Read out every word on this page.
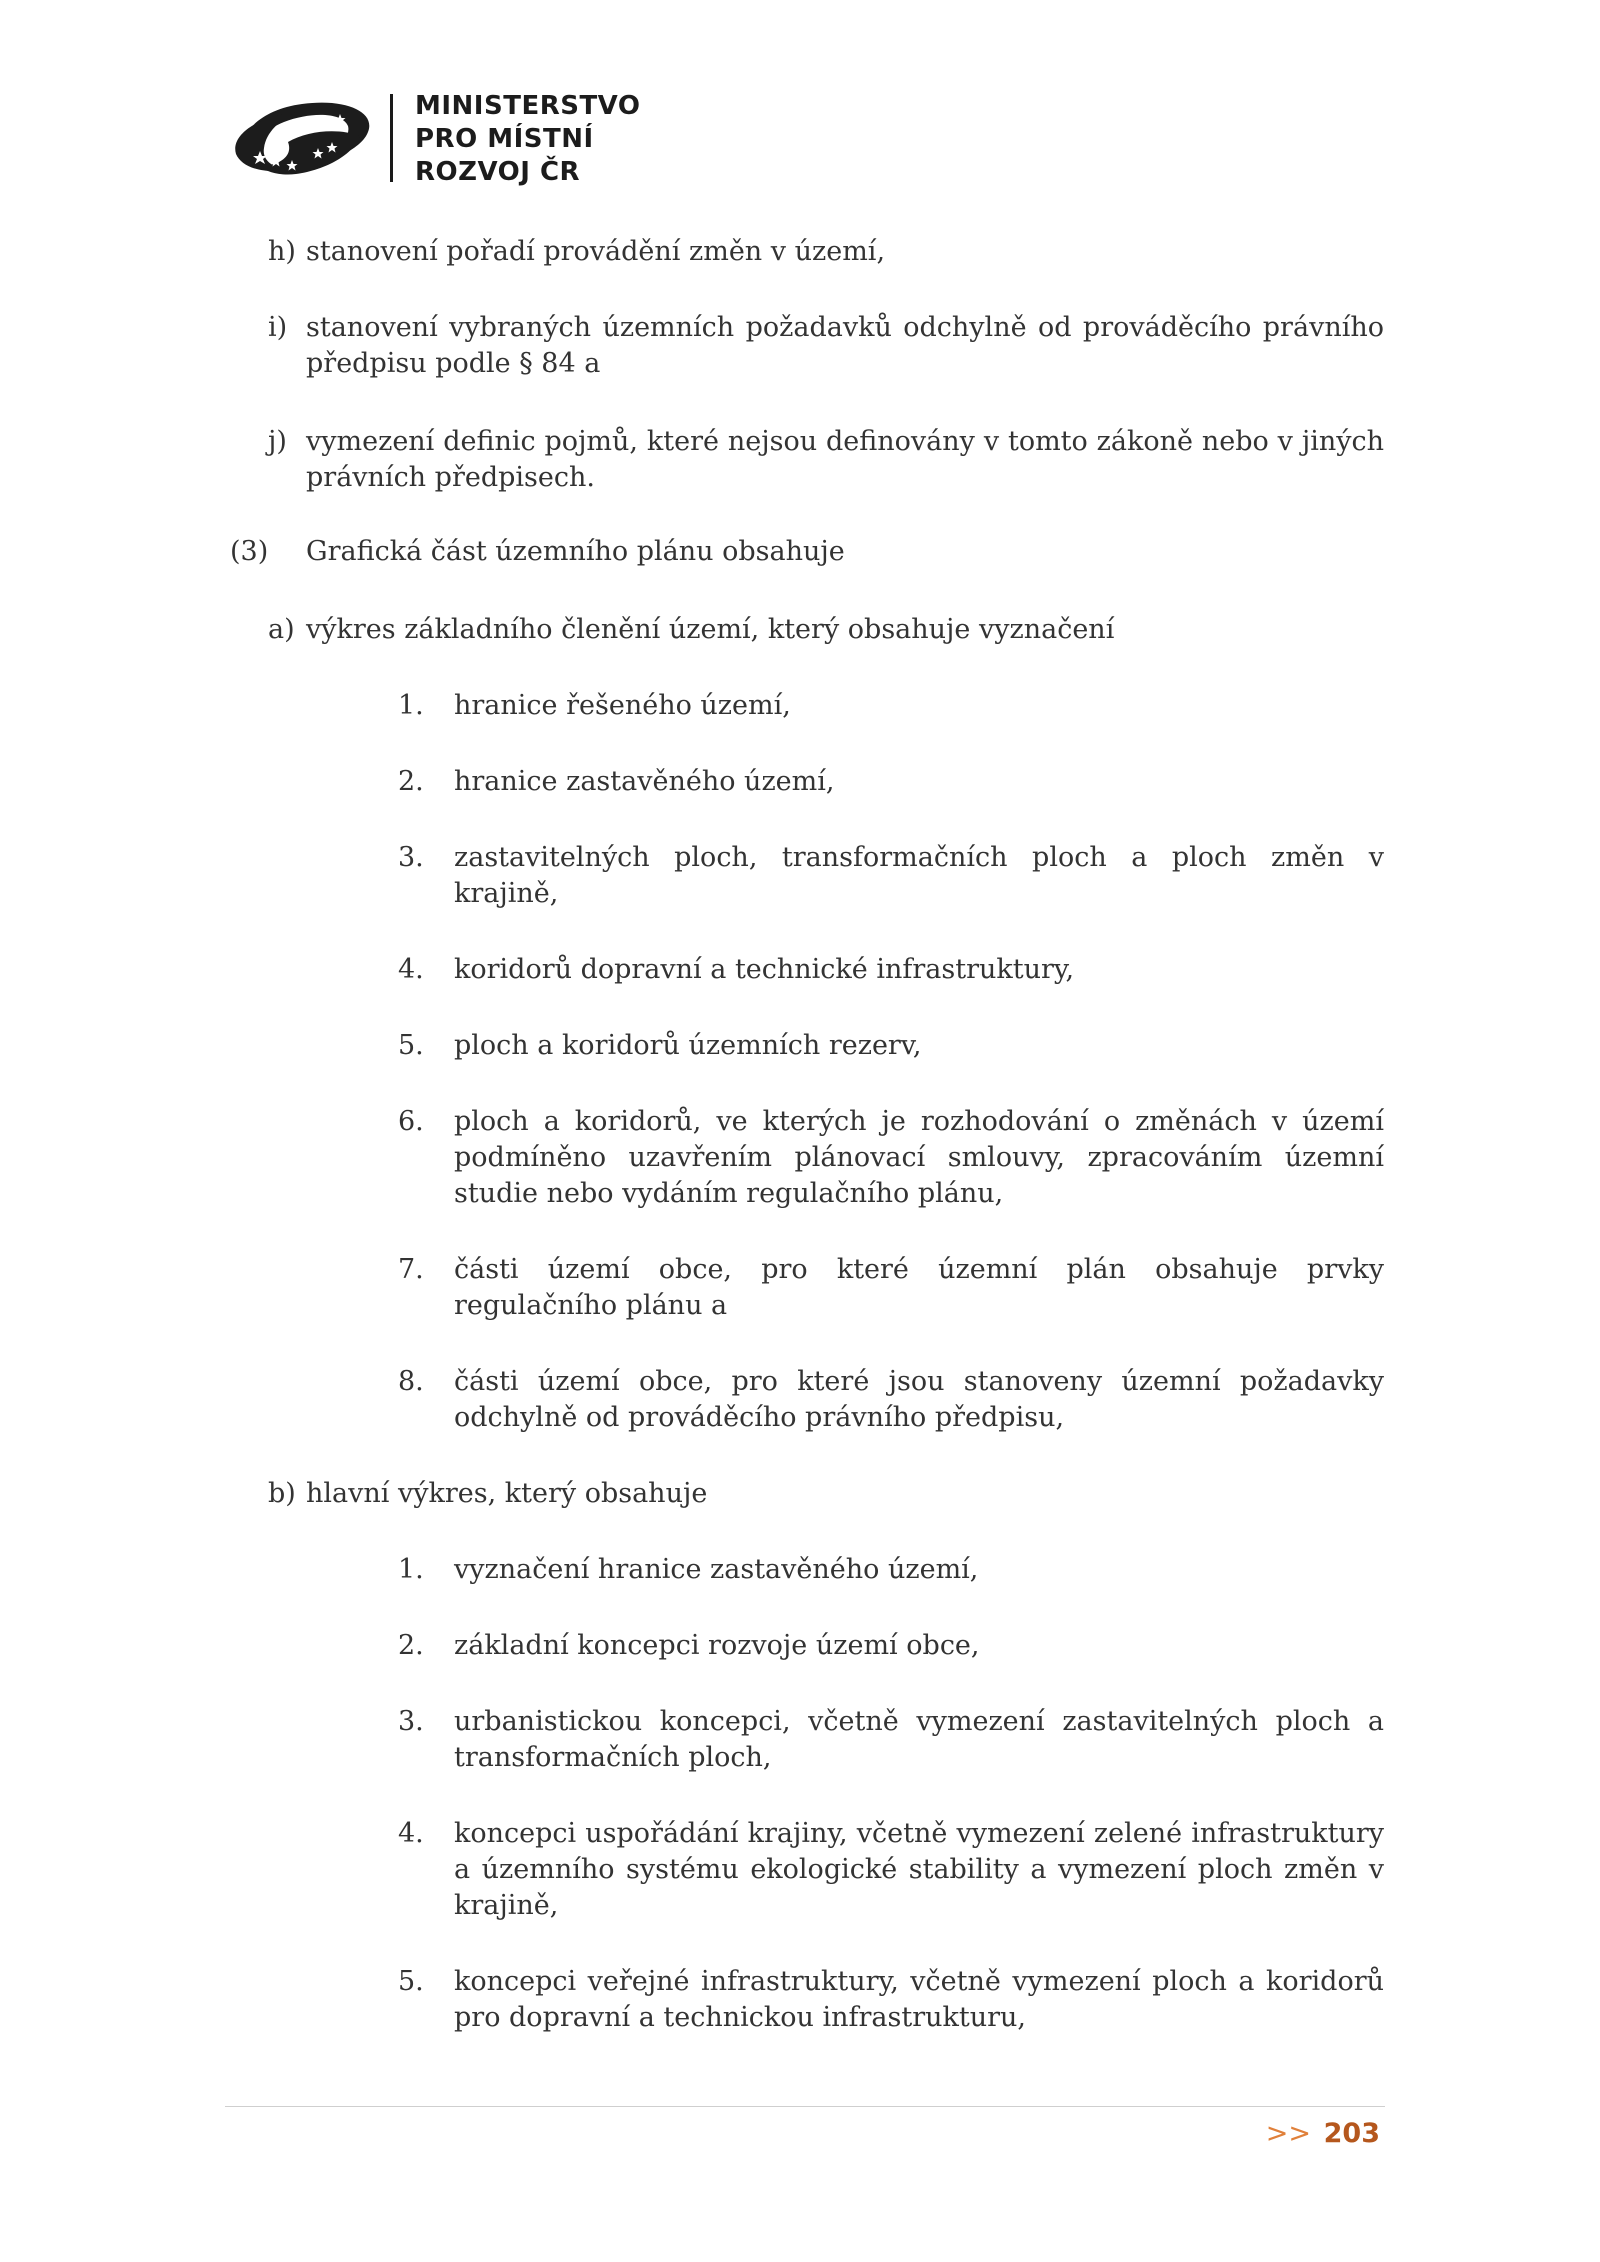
MINISTERSTVO
PRO MÍSTNÍ
ROZVOJ ČR
h) stanovení pořadí provádění změn v území,
i) stanovení vybraných územních požadavků odchylně od prováděcího právního předpisu podle § 84 a
j) vymezení definic pojmů, které nejsou definovány v tomto zákoně nebo v jiných právních předpisech.
(3)	Grafická část územního plánu obsahuje
a) výkres základního členění území, který obsahuje vyznačení
1.	hranice řešeného území,
2.	hranice zastavěného území,
3.	zastavitelných ploch, transformačních ploch a ploch změn v krajině,
4.	koridorů dopravní a technické infrastruktury,
5.	ploch a koridorů územních rezerv,
6.	ploch a koridorů, ve kterých je rozhodování o změnách v území podmíněno uzavřením plánovací smlouvy, zpracováním územní studie nebo vydáním regulačního plánu,
7.	části území obce, pro které územní plán obsahuje prvky regulačního plánu a
8.	části území obce, pro které jsou stanoveny územní požadavky odchylně od prováděcího právního předpisu,
b) hlavní výkres, který obsahuje
1.	vyznačení hranice zastavěného území,
2.	základní koncepci rozvoje území obce,
3.	urbanistickou koncepci, včetně vymezení zastavitelných ploch a transformačních ploch,
4.	koncepci uspořádání krajiny, včetně vymezení zelené infrastruktury a územního systému ekologické stability a vymezení ploch změn v krajině,
5.	koncepci veřejné infrastruktury, včetně vymezení ploch a koridorů pro dopravní a technickou infrastrukturu,
>> 203
